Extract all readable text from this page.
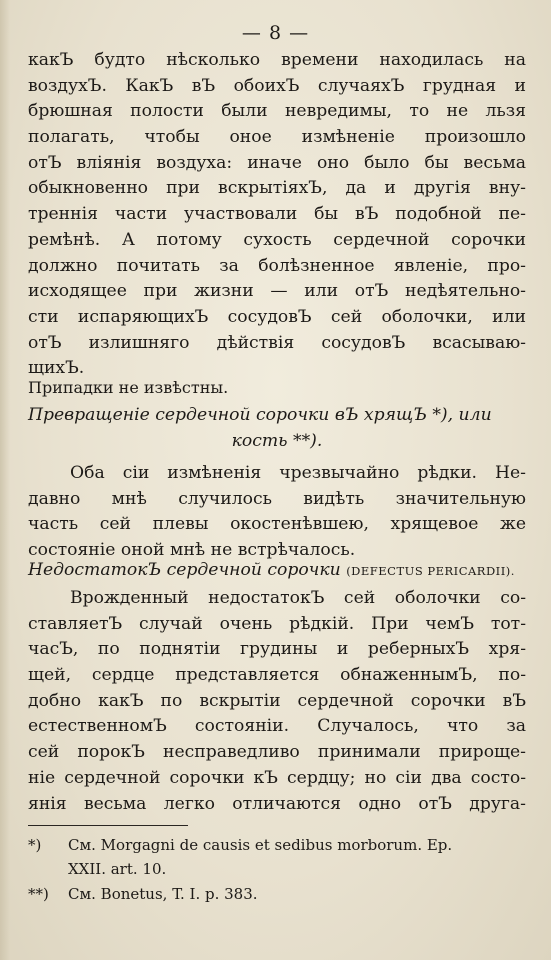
— 8 —
какЪ будто нѣсколько времени находилась на
воздухЪ. КакЪ вЪ обоихЪ случаяхЪ грудная и
брюшная полости были невредимы, то не льзя
полагать, чтобы оное измѣненіе произошло
отЪ вліянія воздуха: иначе оно было бы весьма
обыкновенно при вскрытіяхЪ, да и другія вну-
треннія части участвовали бы вЪ подобной пе-
ремѣнѣ. А потому сухость сердечной сорочки
должно почитать за болѣзненное явленіе, про-
исходящее при жизни — или отЪ недѣятельно-
сти испаряющихЪ сосудовЪ сей оболочки, или
отЪ излишняго дѣйствія сосудовЪ всасываю-
щихЪ.
Припадки не извѣстны.
Превращеніе сердечной сорочки вЪ хрящЪ *), или
кость **).
Оба сіи измѣненія чрезвычайно рѣдки. Не-
давно мнѣ случилось видѣть значительную
часть сей плевы окостенѣвшею, хрящевое же
состояніе оной мнѣ не встрѣчалось.
НедостатокЪ сердечной сорочки (DEFECTUS PERICARDII).
Врожденный недостатокЪ сей оболочки со-
ставляетЪ случай очень рѣдкій. При чемЪ тот-
часЪ, по поднятіи грудины и реберныхЪ хря-
щей, сердце представляется обнаженнымЪ, по-
добно какЪ по вскрытіи сердечной сорочки вЪ
естественномЪ состояніи. Случалось, что за
сей порокЪ несправедливо принимали прироще-
ніе сердечной сорочки кЪ сердцу; но сіи два состо-
янія весьма легко отличаются одно отЪ друга-
*) См. Morgagni de causis et sedibus morborum. Ep.
XXII. art. 10.
**) См. Bonetus, T. I. p. 383.
